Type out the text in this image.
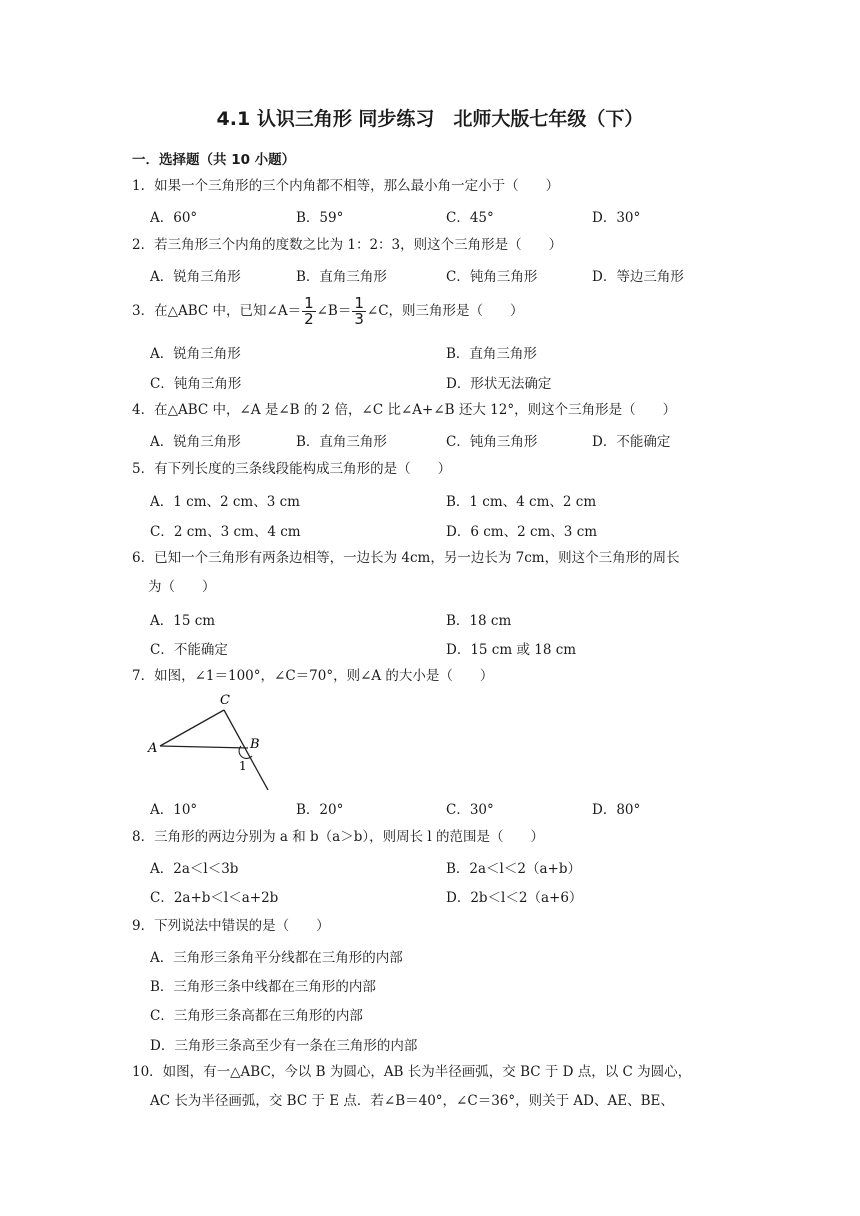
4.1 认识三角形 同步练习　北师大版七年级（下）
一．选择题（共 10 小题）
1．如果一个三角形的三个内角都不相等，那么最小角一定小于（　　）
A．60°	B．59°	C．45°	D．30°
2．若三角形三个内角的度数之比为 1：2：3，则这个三角形是（　　）
A．锐角三角形	B．直角三角形	C．钝角三角形	D．等边三角形
3．在△ABC 中，已知∠A＝ $\frac{1}{2}$ ∠B＝ $\frac{1}{3}$ ∠C，则三角形是（　　）
A．锐角三角形	B．直角三角形
C．钝角三角形	D．形状无法确定
4．在△ABC 中，∠A 是∠B 的 2 倍，∠C 比∠A+∠B 还大 12°，则这个三角形是（　　）
A．锐角三角形	B．直角三角形	C．钝角三角形	D．不能确定
5．有下列长度的三条线段能构成三角形的是（　　）
A．1 cm、2 cm、3 cm	B．1 cm、4 cm、2 cm
C．2 cm、3 cm、4 cm	D．6 cm、2 cm、3 cm
6．已知一个三角形有两条边相等，一边长为 4cm，另一边长为 7cm，则这个三角形的周长
为（　　）
A．15 cm	B．18 cm
C．不能确定	D．15 cm 或 18 cm
7．如图，∠1＝100°，∠C＝70°，则∠A 的大小是（　　）
C
A	B
1
A．10°	B．20°	C．30°	D．80°
8．三角形的两边分别为 a 和 b（a＞b），则周长 l 的范围是（　　）
A．2a＜l＜3b	B．2a＜l＜2（a+b）
C．2a+b＜l＜a+2b	D．2b＜l＜2（a+6）
9．下列说法中错误的是（　　）
A．三角形三条角平分线都在三角形的内部
B．三角形三条中线都在三角形的内部
C．三角形三条高都在三角形的内部
D．三角形三条高至少有一条在三角形的内部
10．如图，有一△ABC，今以 B 为圆心，AB 长为半径画弧，交 BC 于 D 点，以 C 为圆心，
AC 长为半径画弧，交 BC 于 E 点．若∠B＝40°，∠C＝36°，则关于 AD、AE、BE、
